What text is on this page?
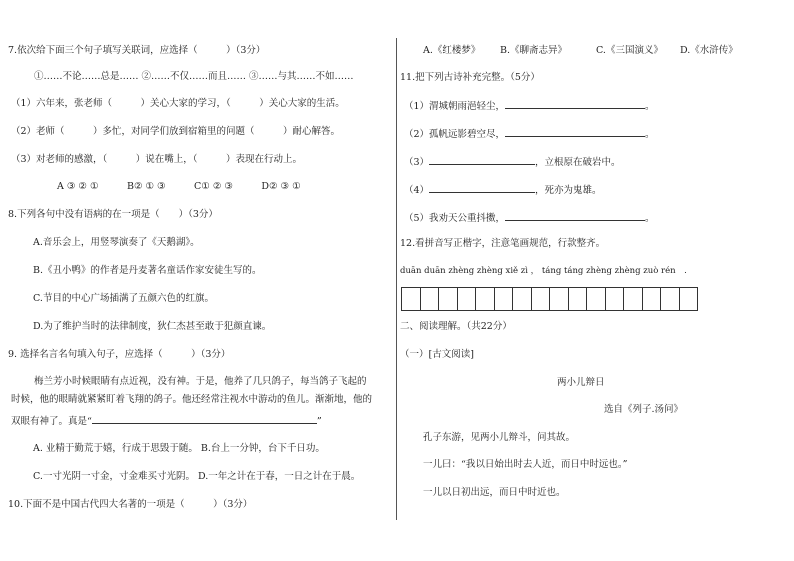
7.依次给下面三个句子填写关联词，应选择（　　　）（3分）
①……不论……总是…… ②……不仅……而且…… ③……与其……不如……
（1）六年来，张老师（　　　）关心大家的学习，（　　　）关心大家的生活。
（2）老师（　　　）多忙，对同学们放到宿箱里的问题（　　　）耐心解答。
（3）对老师的感激，（　　　）说在嘴上，（　　　）表现在行动上。
A ③ ② ①　　　B② ① ③　　　C① ② ③　　　D② ③ ①
8.下列各句中没有语病的在一项是（　　）（3分）
A.音乐会上，用竖琴演奏了《天鹅湖》。
B.《丑小鸭》的作者是丹麦著名童话作家安徒生写的。
C.节目的中心广场插满了五颜六色的红旗。
D.为了维护当时的法律制度，狄仁杰甚至敢于犯颜直谏。
9. 选择名言名句填入句子，应选择（　　　）（3分）
梅兰芳小时候眼睛有点近视，没有神。于是，他养了几只鸽子，每当鸽子飞起的
时候，他的眼睛就紧紧盯着飞翔的鸽子。他还经常注视水中游动的鱼儿。渐渐地，他的
双眼有神了。真是“	”
A. 业精于勤荒于嬉，行成于思毁于随。 B.台上一分钟，台下千日功。
C.一寸光阴一寸金，寸金难买寸光阴。 D.一年之计在于春，一日之计在于晨。
10.下面不是中国古代四大名著的一项是（　　　）（3分）
A.《红楼梦》 B.《聊斋志异》	C.《三国演义》 D.《水浒传》
11.把下列古诗补充完整。（5分）
（1）渭城朝雨浥轻尘，	。
（2）孤帆远影碧空尽，	。
（3）	，立根原在破岩中。
（4）	，死亦为鬼雄。
（5）我劝天公重抖擞，	。
12.看拼音写正楷字，注意笔画规范，行款整齐。
duān duān zhèng zhèng xiě zì ， táng táng zhèng zhèng zuò rén　.
二、阅读理解。（共22分）
（一）[古文阅读]
两小儿辩日
选自《列子.汤问》
孔子东游，见两小儿辩斗，问其故。
一儿曰：“我以日始出时去人近，而日中时远也。”
一儿以日初出远，而日中时近也。
